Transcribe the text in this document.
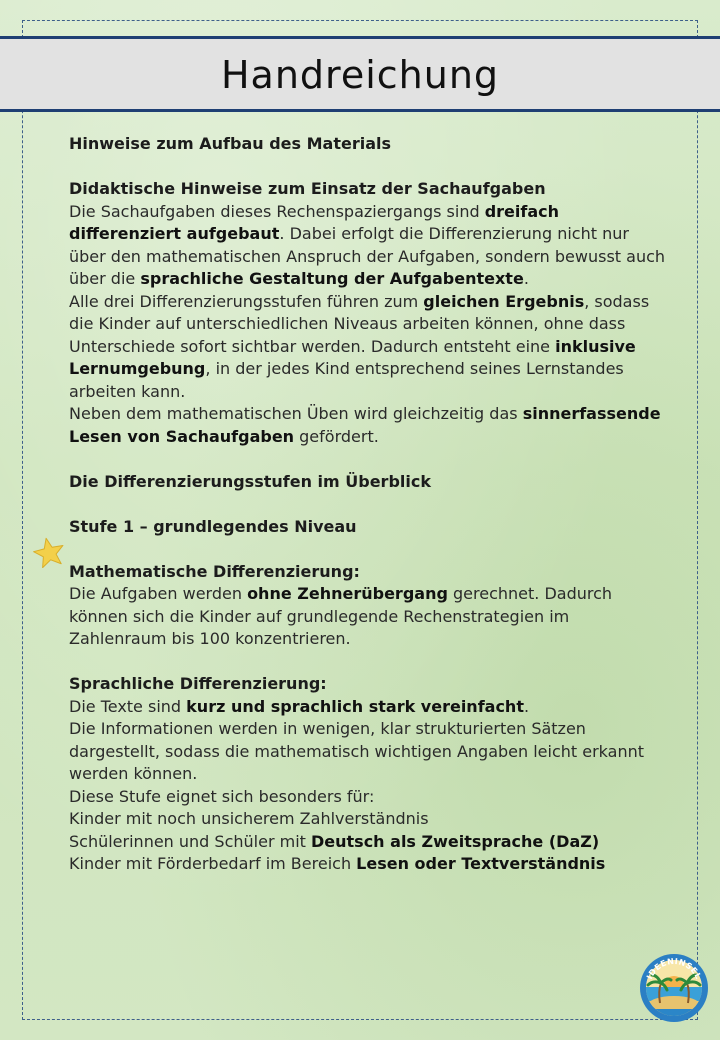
Handreichung

Hinweise zum Aufbau des Materials

Didaktische Hinweise zum Einsatz der Sachaufgaben

Die Sachaufgaben dieses Rechenspaziergangs sind dreifach differenziert aufgebaut. Dabei erfolgt die Differenzierung nicht nur über den mathematischen Anspruch der Aufgaben, sondern bewusst auch über die sprachliche Gestaltung der Aufgabentexte.

Alle drei Differenzierungsstufen führen zum gleichen Ergebnis, sodass die Kinder auf unterschiedlichen Niveaus arbeiten können, ohne dass Unterschiede sofort sichtbar werden. Dadurch entsteht eine inklusive Lernumgebung, in der jedes Kind entsprechend seines Lernstandes arbeiten kann.

Neben dem mathematischen Üben wird gleichzeitig das sinnerfassende Lesen von Sachaufgaben gefördert.

Die Differenzierungsstufen im Überblick

Stufe 1 – grundlegendes Niveau

Mathematische Differenzierung:

Die Aufgaben werden ohne Zehnerübergang gerechnet. Dadurch können sich die Kinder auf grundlegende Rechenstrategien im Zahlenraum bis 100 konzentrieren.

Sprachliche Differenzierung:

Die Texte sind kurz und sprachlich stark vereinfacht.

Die Informationen werden in wenigen, klar strukturierten Sätzen dargestellt, sodass die mathematisch wichtigen Angaben leicht erkannt werden können.

Diese Stufe eignet sich besonders für:

Kinder mit noch unsicherem Zahlverständnis

Schülerinnen und Schüler mit Deutsch als Zweitsprache (DaZ)

Kinder mit Förderbedarf im Bereich Lesen oder Textverständnis

IDEENINSEL
